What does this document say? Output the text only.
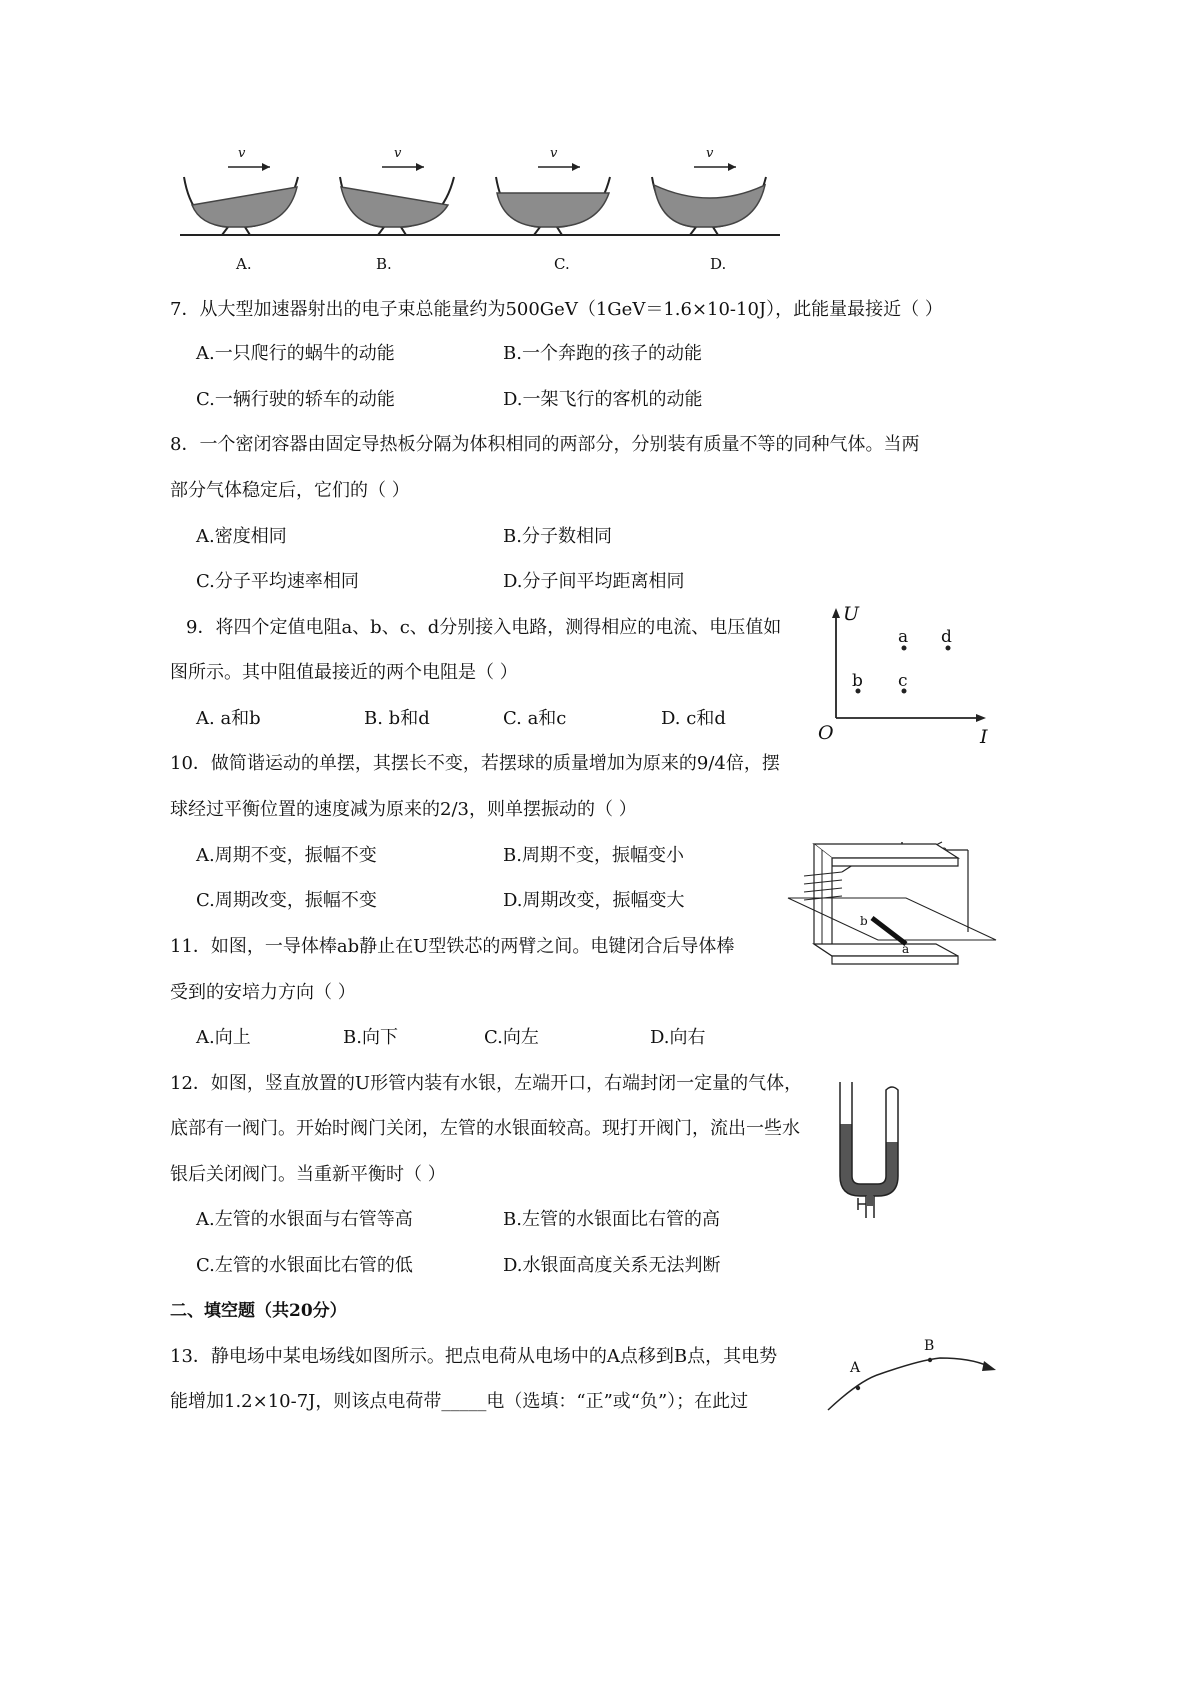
v	v	v	v
A.	B.	C.	D.
7．从大型加速器射出的电子束总能量约为500GeV（1GeV＝1.6×10-10J），此能量最接近（ ）
A.一只爬行的蜗牛的动能	B.一个奔跑的孩子的动能
C.一辆行驶的轿车的动能	D.一架飞行的客机的动能
8．一个密闭容器由固定导热板分隔为体积相同的两部分，分别装有质量不等的同种气体。当两
部分气体稳定后，它们的（ ）
A.密度相同	B.分子数相同
C.分子平均速率相同	D.分子间平均距离相同
9．将四个定值电阻a、b、c、d分别接入电路，测得相应的电流、电压值如
图所示。其中阻值最接近的两个电阻是（ ）
A. a和b	B. b和d	C. a和c	D. c和d
U
I
O
a d
b c
10．做简谐运动的单摆，其摆长不变，若摆球的质量增加为原来的9/4倍，摆
球经过平衡位置的速度减为原来的2/3，则单摆振动的（ ）
A.周期不变，振幅不变	B.周期不变，振幅变小
C.周期改变，振幅不变	D.周期改变，振幅变大
b
a
11．如图，一导体棒ab静止在U型铁芯的两臂之间。电键闭合后导体棒
受到的安培力方向（ ）
A.向上	B.向下	C.向左	D.向右
12．如图，竖直放置的U形管内装有水银，左端开口，右端封闭一定量的气体，
底部有一阀门。开始时阀门关闭，左管的水银面较高。现打开阀门，流出一些水
银后关闭阀门。当重新平衡时（ ）
A.左管的水银面与右管等高	B.左管的水银面比右管的高
C.左管的水银面比右管的低	D.水银面高度关系无法判断
二、填空题（共20分）
13．静电场中某电场线如图所示。把点电荷从电场中的A点移到B点，其电势
能增加1.2×10-7J，则该点电荷带_____电（选填：“正”或“负”）；在此过
A
B
